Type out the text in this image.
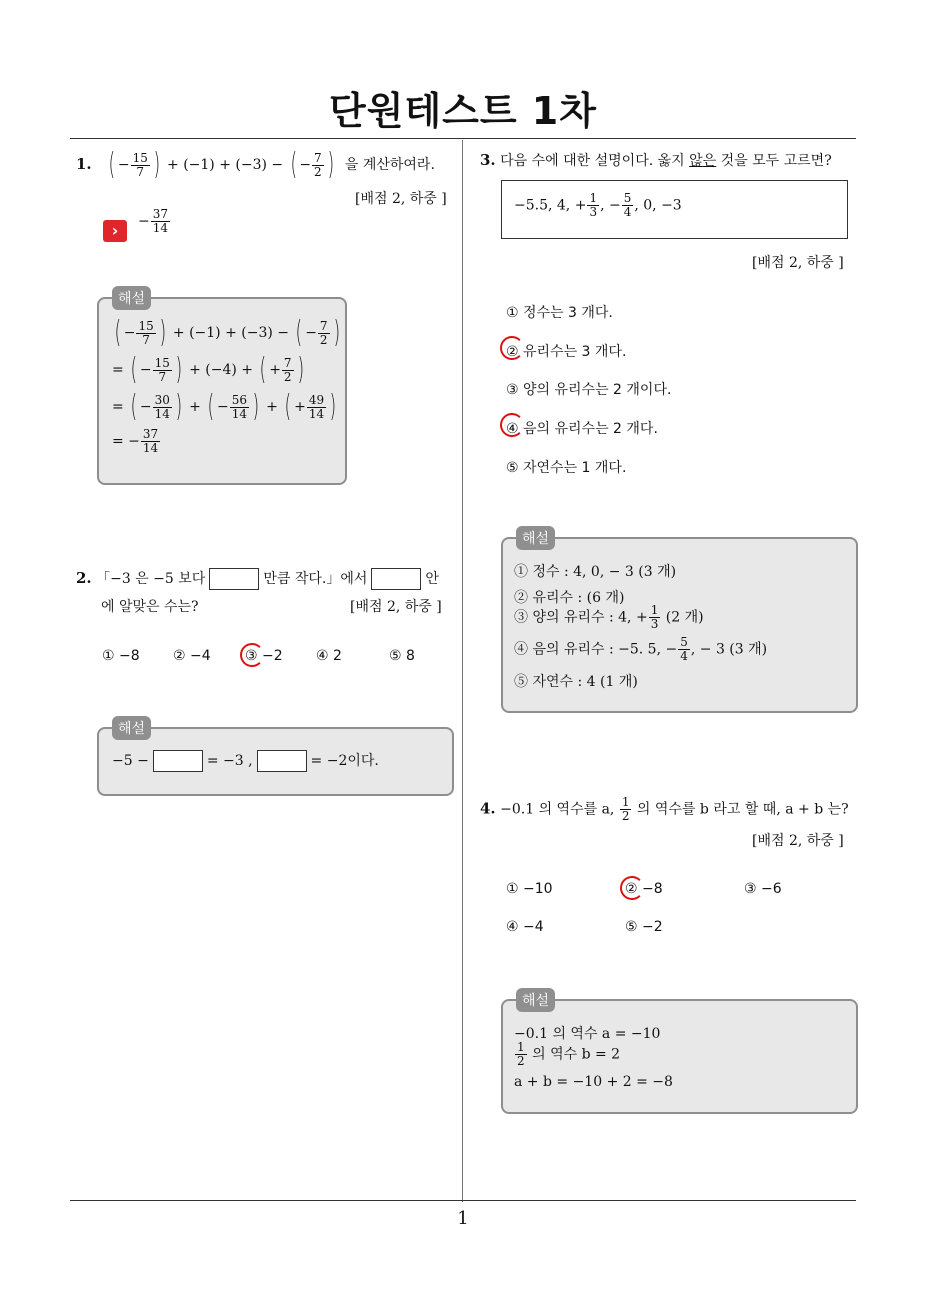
단원테스트 1차
1. ( − $\frac{15}{7}$ ) + (−1) + (−3) − ( − $\frac{7}{2}$ ) 을 계산하여라.
[배점 2, 하중 ]
›	− $\frac{37}{14}$
해설
( − $\frac{15}{7}$ ) + (−1) + (−3) − ( − $\frac{7}{2}$ )
= ( − $\frac{15}{7}$ ) + (−4) + ( + $\frac{7}{2}$ )
= ( − $\frac{30}{14}$ ) + ( − $\frac{56}{14}$ ) + ( + $\frac{49}{14}$ )
= − $\frac{37}{14}$
2. 「−3 은 −5 보다	만큼 작다.」에서	안
에 알맞은 수는?	[배점 2, 하중 ]
① −8 ② −4 ③ −2 ④ 2	⑤ 8
해설
−5 −	= −3 ,	= −2이다.
3. 다음 수에 대한 설명이다. 옳지 않은 것을 모두 고르면?
−5.5, 4, + $\frac{1}{3}$ , − $\frac{5}{4}$ , 0, −3
[배점 2, 하중 ]
① 정수는 3 개다.
② 유리수는 3 개다.
③ 양의 유리수는 2 개이다.
④ 음의 유리수는 2 개다.
⑤ 자연수는 1 개다.
해설
① 정수 : 4, 0, − 3 (3 개)
② 유리수 : (6 개)
③ 양의 유리수 : 4, + $\frac{1}{3} (2$ 개)
④ 음의 유리수 : −5. 5, − $\frac{5}{4}$ , − 3 (3 개)
⑤ 자연수 : 4 (1 개)
4. −0.1 의 역수를 a, $\frac{1}{2}$ 의 역수를 b 라고 할 때, a + b 는?
[배점 2, 하중 ]
① −10	② −8	③ −6
④ −4	⑤ −2
해설
−0.1 의 역수 a = −10
$\frac{1}{2}$ 의 역수 b = 2
a + b = −10 + 2 = −8
1
